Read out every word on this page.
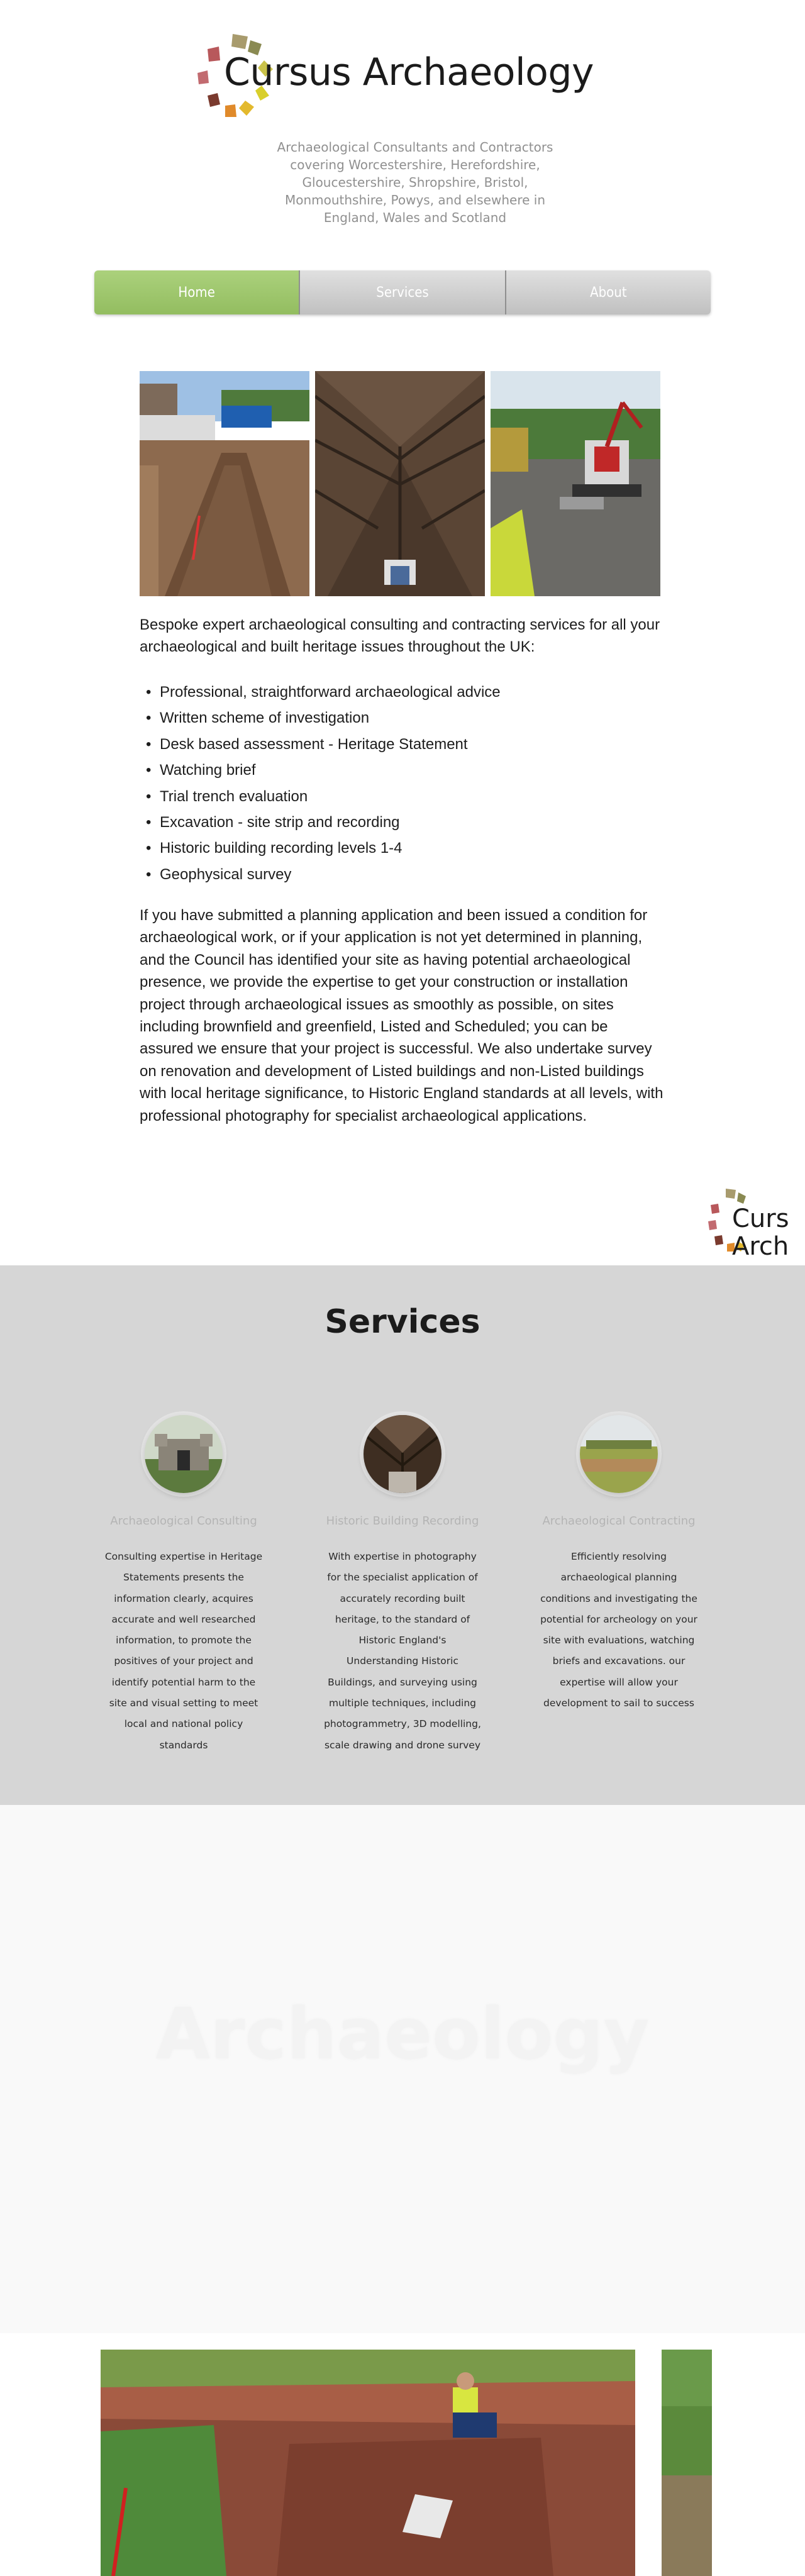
Cursus Archaeology
Archaeological Consultants and Contractors
covering Worcestershire, Herefordshire,
Gloucestershire, Shropshire, Bristol,
Monmouthshire, Powys, and elsewhere in
England, Wales and Scotland
Home	Services	About

Bespoke expert archaeological consulting and contracting services for all your archaeological and built heritage issues throughout the UK:

• Professional, straightforward archaeological advice
• Written scheme of investigation
• Desk based assessment - Heritage Statement
• Watching brief
• Trial trench evaluation
• Excavation - site strip and recording
• Historic building recording levels 1-4
• Geophysical survey

If you have submitted a planning application and been issued a condition for archaeological work, or if your application is not yet determined in planning, and the Council has identified your site as having potential archaeological presence, we provide the expertise to get your construction or installation project through archaeological issues as smoothly as possible, on sites including brownfield and greenfield, Listed and Scheduled; you can be assured we ensure that your project is successful. We also undertake survey on renovation and development of Listed buildings and non-Listed buildings with local heritage significance, to Historic England standards at all levels, with professional photography for specialist archaeological applications.

Curs
Arch
Services
Archaeological Consulting
Consulting expertise in Heritage
Statements presents the
information clearly, acquires
accurate and well researched
information, to promote the
positives of your project and
identify potential harm to the
site and visual setting to meet
local and national policy
standards
Historic Building Recording
With expertise in photography
for the specialist application of
accurately recording built
heritage, to the standard of
Historic England's
Understanding Historic
Buildings, and surveying using
multiple techniques, including
photogrammetry, 3D modelling,
scale drawing and drone survey
Archaeological Contracting
Efficiently resolving
archaeological planning
conditions and investigating the
potential for archeology on your
site with evaluations, watching
briefs and excavations. our
expertise will allow your
development to sail to success
Archaeology
